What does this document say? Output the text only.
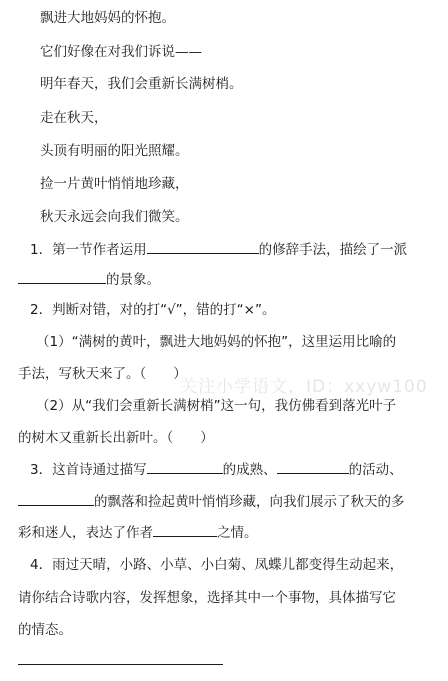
飘进大地妈妈的怀抱。
它们好像在对我们诉说——
明年春天，我们会重新长满树梢。
走在秋天，
头顶有明丽的阳光照耀。
捡一片黄叶悄悄地珍藏，
秋天永远会向我们微笑。
1．第一节作者运用	的修辞手法，描绘了一派
的景象。
2．判断对错，对的打“√”，错的打“×”。
（1）“满树的黄叶，飘进大地妈妈的怀抱”，这里运用比喻的
手法，写秋天来了。（　　）
（2）从“我们会重新长满树梢”这一句，我仿佛看到落光叶子
的树木又重新长出新叶。（　　）
3．这首诗通过描写	的成熟、	的活动、
的飘落和捡起黄叶悄悄珍藏，向我们展示了秋天的多
彩和迷人，表达了作者	之情。
4．雨过天晴，小路、小草、小白菊、凤蝶儿都变得生动起来，
请你结合诗歌内容，发挥想象，选择其中一个事物，具体描写它
的情态。
关注小学语文，ID：xxyw100
